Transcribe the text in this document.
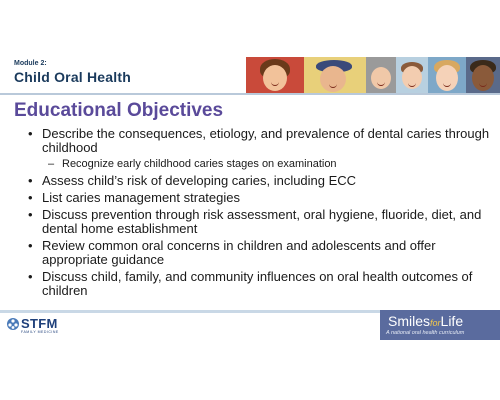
Module 2:
Child Oral Health
Educational Objectives
• Describe the consequences, etiology, and prevalence of dental caries through childhood
– Recognize early childhood caries stages on examination
• Assess child’s risk of developing caries, including ECC
• List caries management strategies
• Discuss prevention through risk assessment, oral hygiene, fluoride, diet, and dental home establishment
• Review common oral concerns in children and adolescents and offer appropriate guidance
• Discuss child, family, and community influences on oral health outcomes of children
STFM
FAMILY MEDICINE
SmilesforLife
A national oral health curriculum
